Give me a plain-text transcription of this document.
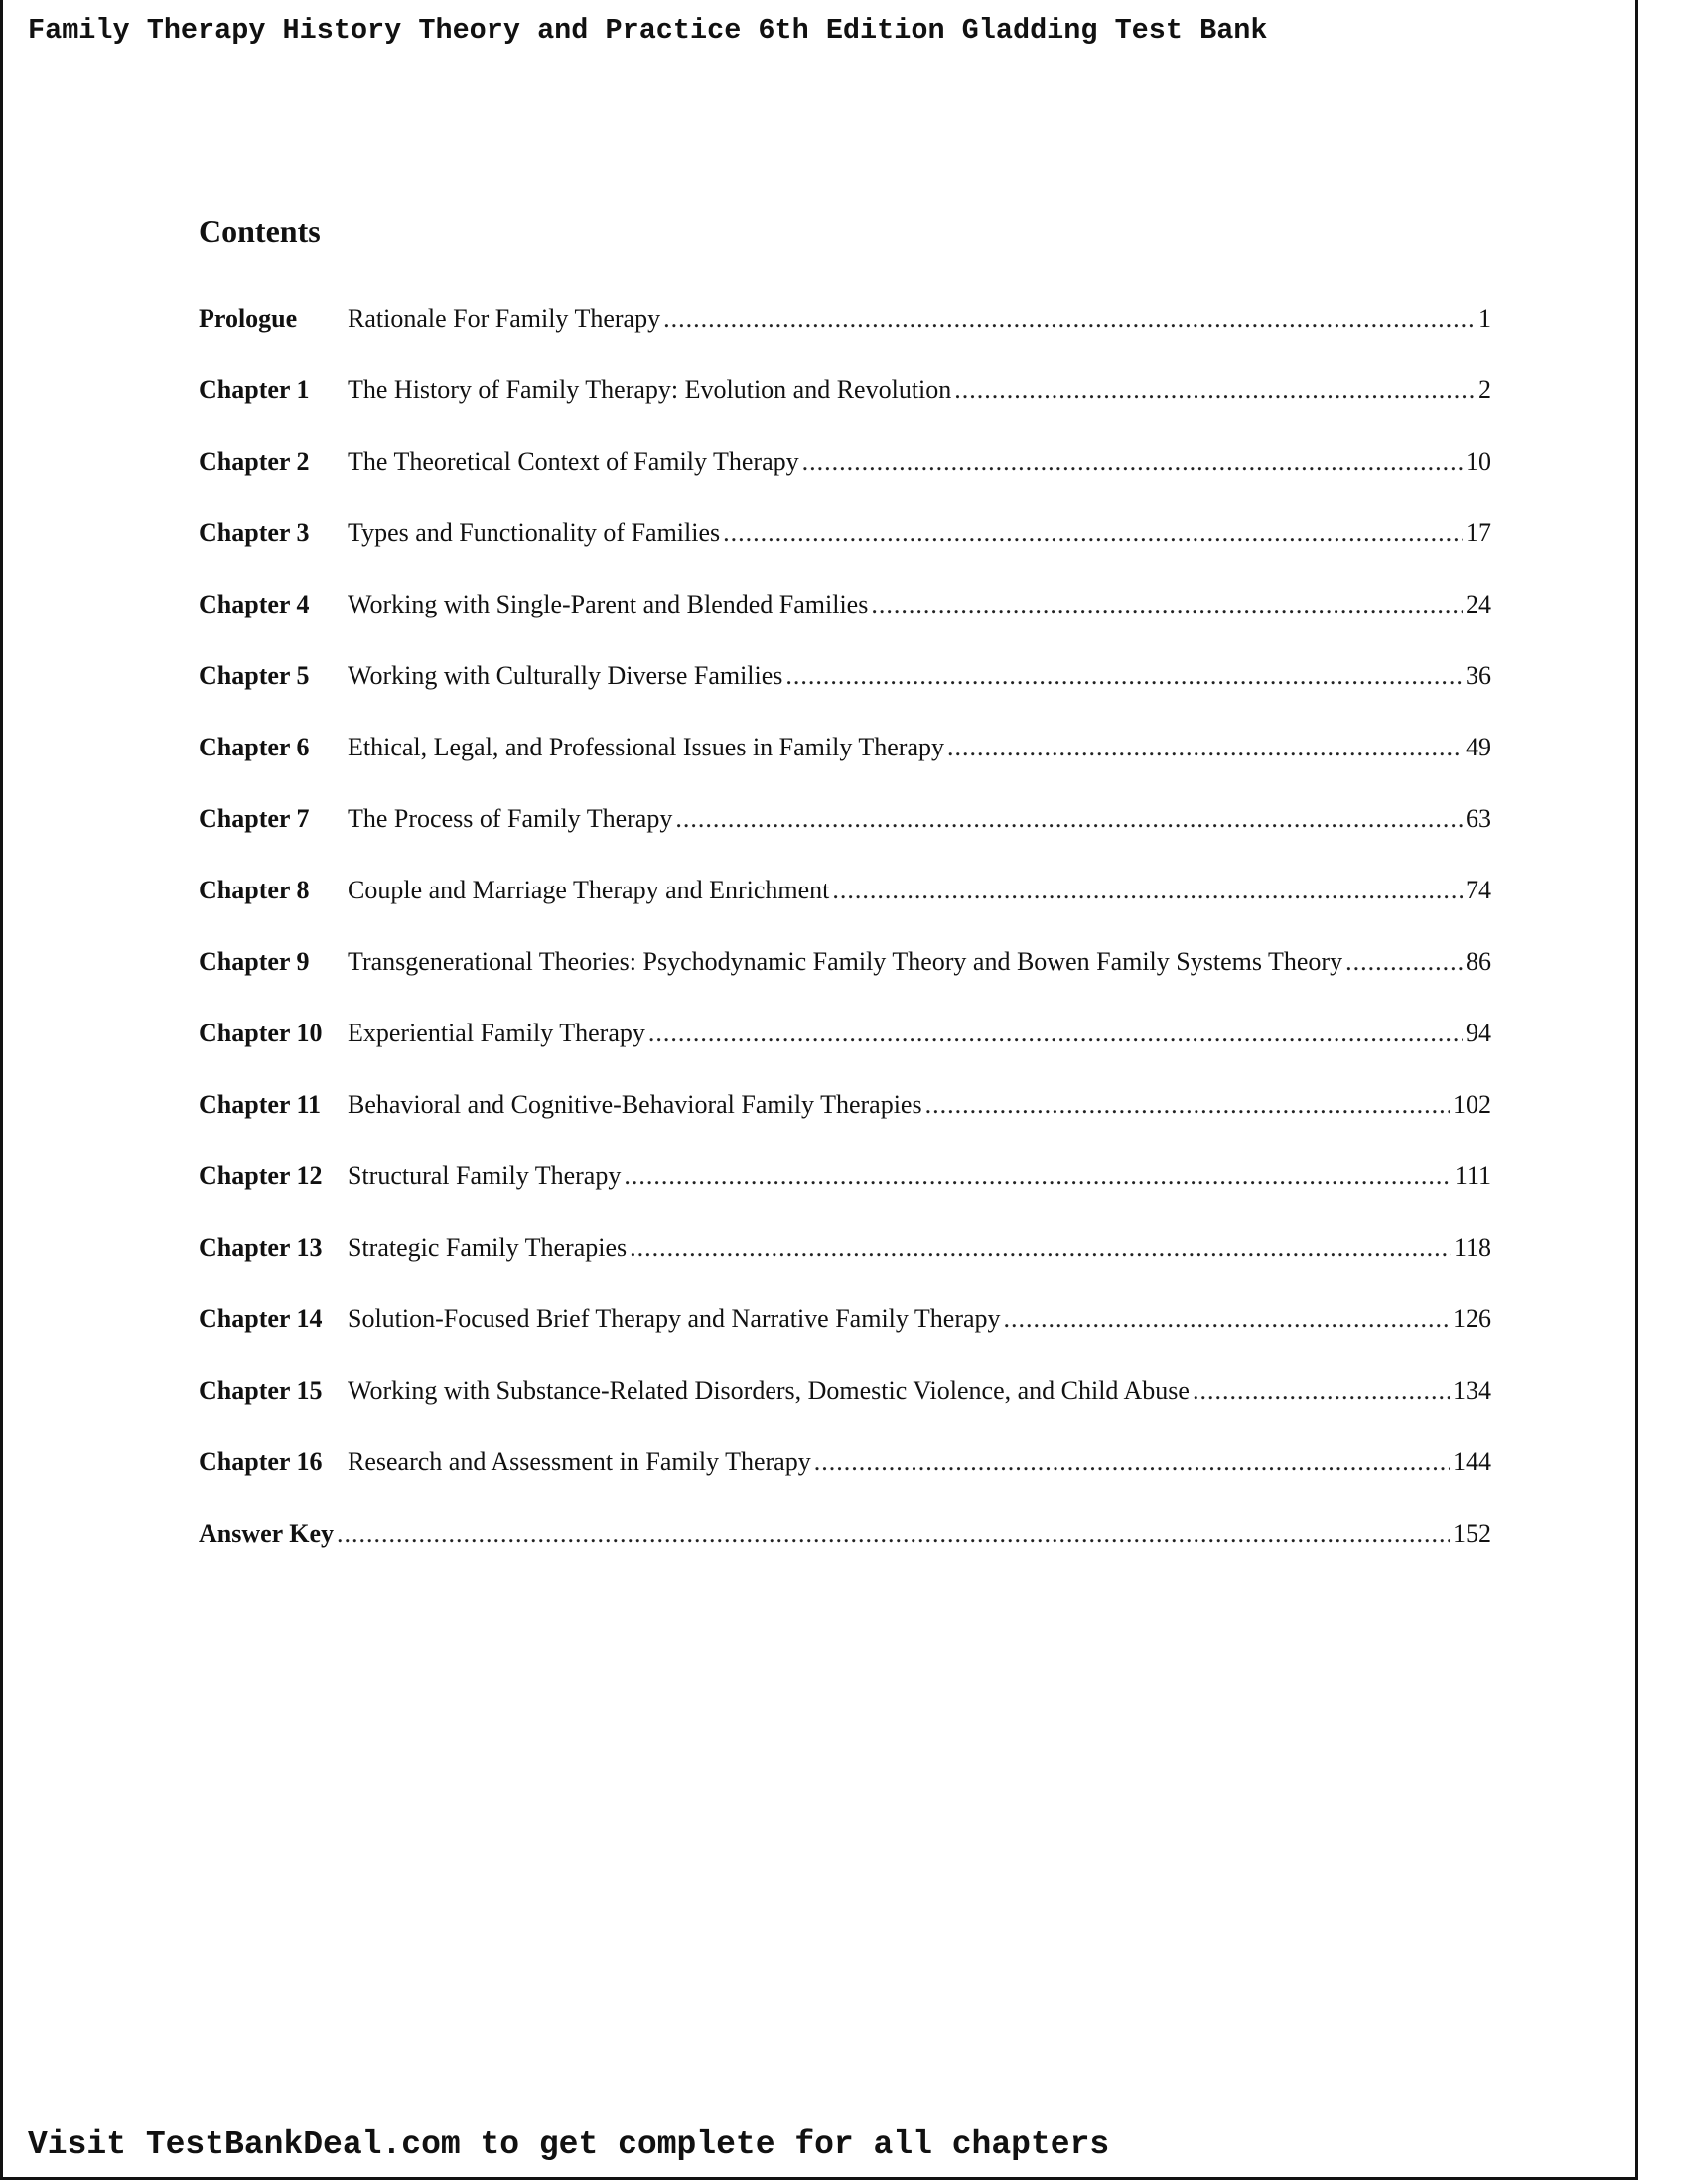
Family Therapy History Theory and Practice 6th Edition Gladding Test Bank
Contents
Prologue	Rationale For Family Therapy .....	1
Chapter 1	The History of Family Therapy: Evolution and Revolution .....	2
Chapter 2	The Theoretical Context of Family Therapy .....	10
Chapter 3	Types and Functionality of Families .....	17
Chapter 4	Working with Single-Parent and Blended Families .....	24
Chapter 5	Working with Culturally Diverse Families .....	36
Chapter 6	Ethical, Legal, and Professional Issues in Family Therapy .....	49
Chapter 7	The Process of Family Therapy .....	63
Chapter 8	Couple and Marriage Therapy and Enrichment .....	74
Chapter 9	Transgenerational Theories: Psychodynamic Family Theory and Bowen Family Systems Theory .....	86
Chapter 10 Experiential Family Therapy .....	94
Chapter 11	Behavioral and Cognitive-Behavioral Family Therapies .....	102
Chapter 12 Structural Family Therapy .....	111
Chapter 13 Strategic Family Therapies .....	118
Chapter 14 Solution-Focused Brief Therapy and Narrative Family Therapy .....	126
Chapter 15 Working with Substance-Related Disorders, Domestic Violence, and Child Abuse .....	134
Chapter 16 Research and Assessment in Family Therapy .....	144
Answer Key .....	152
Visit TestBankDeal.com to get complete for all chapters
